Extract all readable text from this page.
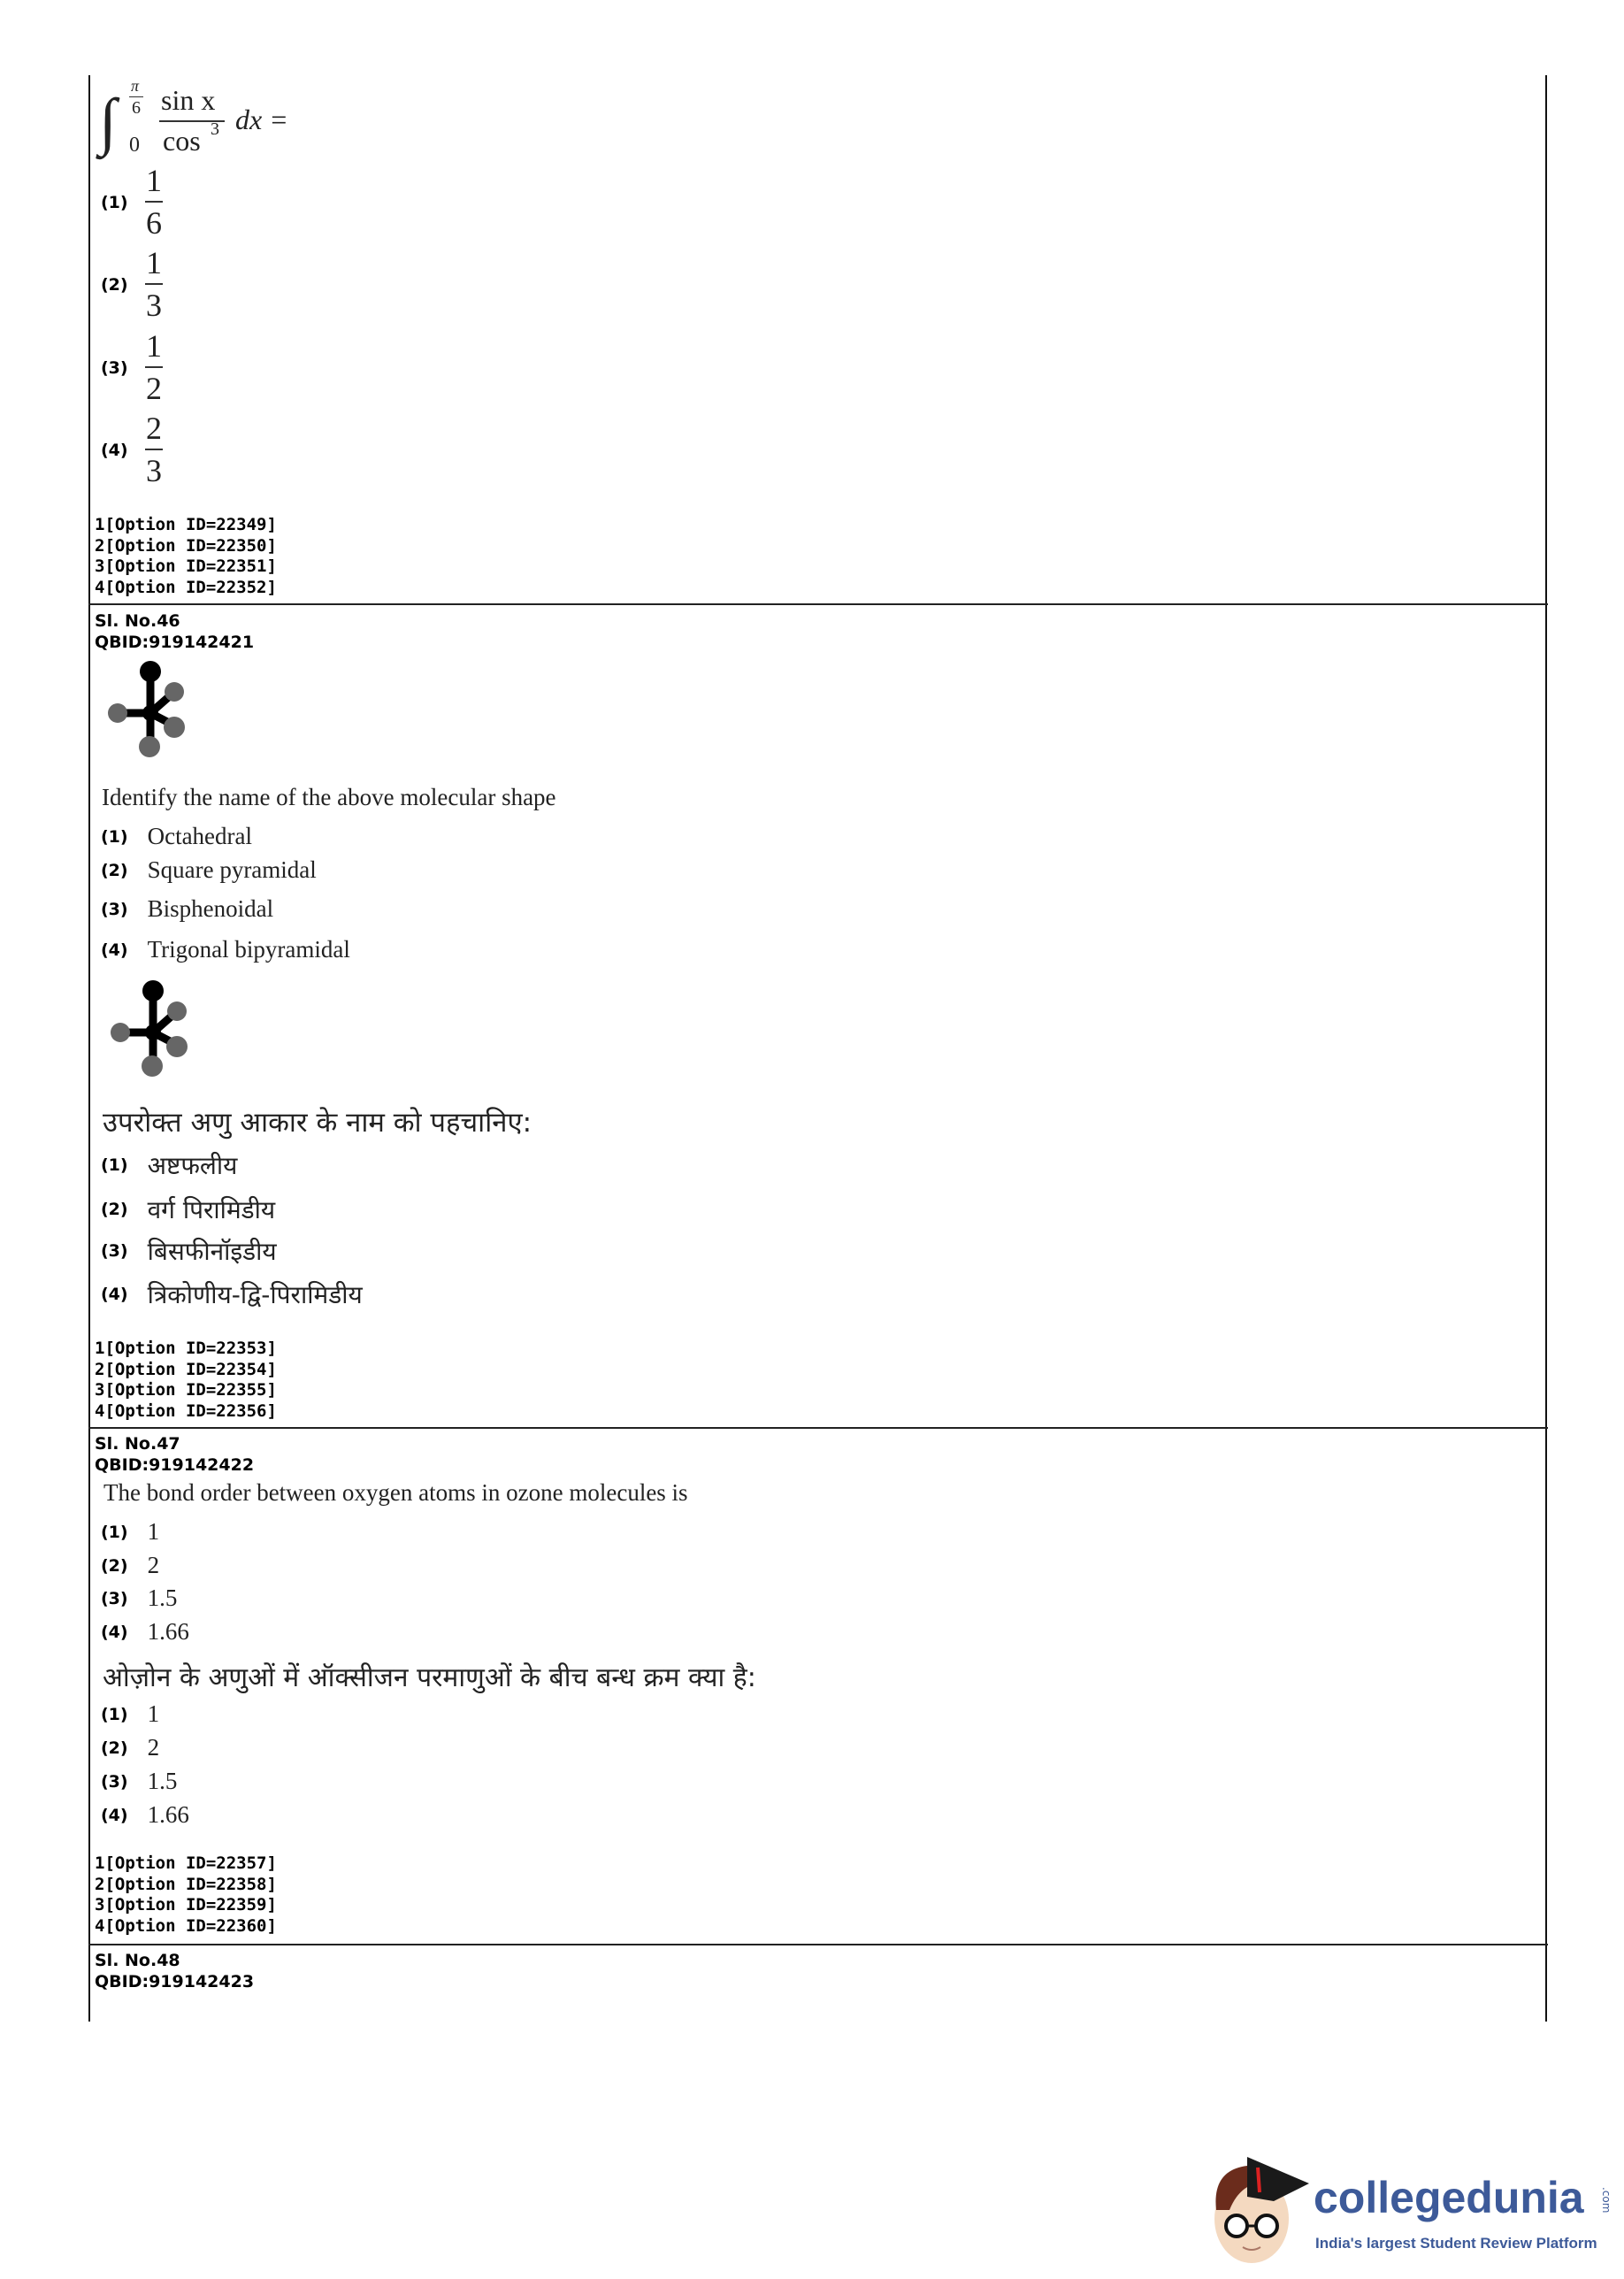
∫ 0
π
6 sin x
cos 3 dx =
(1)
1
6
(2)
1
3
(3)
1
2
(4)
2
3
1[Option ID=22349]
2[Option ID=22350]
3[Option ID=22351]
4[Option ID=22352]
Sl. No.46
QBID:919142421
Identify the name of the above molecular shape
(1) Octahedral
(2) Square pyramidal
(3) Bisphenoidal
(4) Trigonal bipyramidal
उपरोक्त अणु आकार के नाम को पहचानिए:
(1) अष्टफलीय
(2) वर्ग पिरामिडीय
(3) बिसफीनॉइडीय
(4) त्रिकोणीय-द्वि-पिरामिडीय
1[Option ID=22353]
2[Option ID=22354]
3[Option ID=22355]
4[Option ID=22356]
Sl. No.47
QBID:919142422
The bond order between oxygen atoms in ozone molecules is
(1) 1
(2) 2
(3) 1.5
(4) 1.66
ओज़ोन के अणुओं में ऑक्सीजन परमाणुओं के बीच बन्ध क्रम क्या है:
(1) 1
(2) 2
(3) 1.5
(4) 1.66
1[Option ID=22357]
2[Option ID=22358]
3[Option ID=22359]
4[Option ID=22360]
Sl. No.48
QBID:919142423
collegedunia .com
India's largest Student Review Platform
